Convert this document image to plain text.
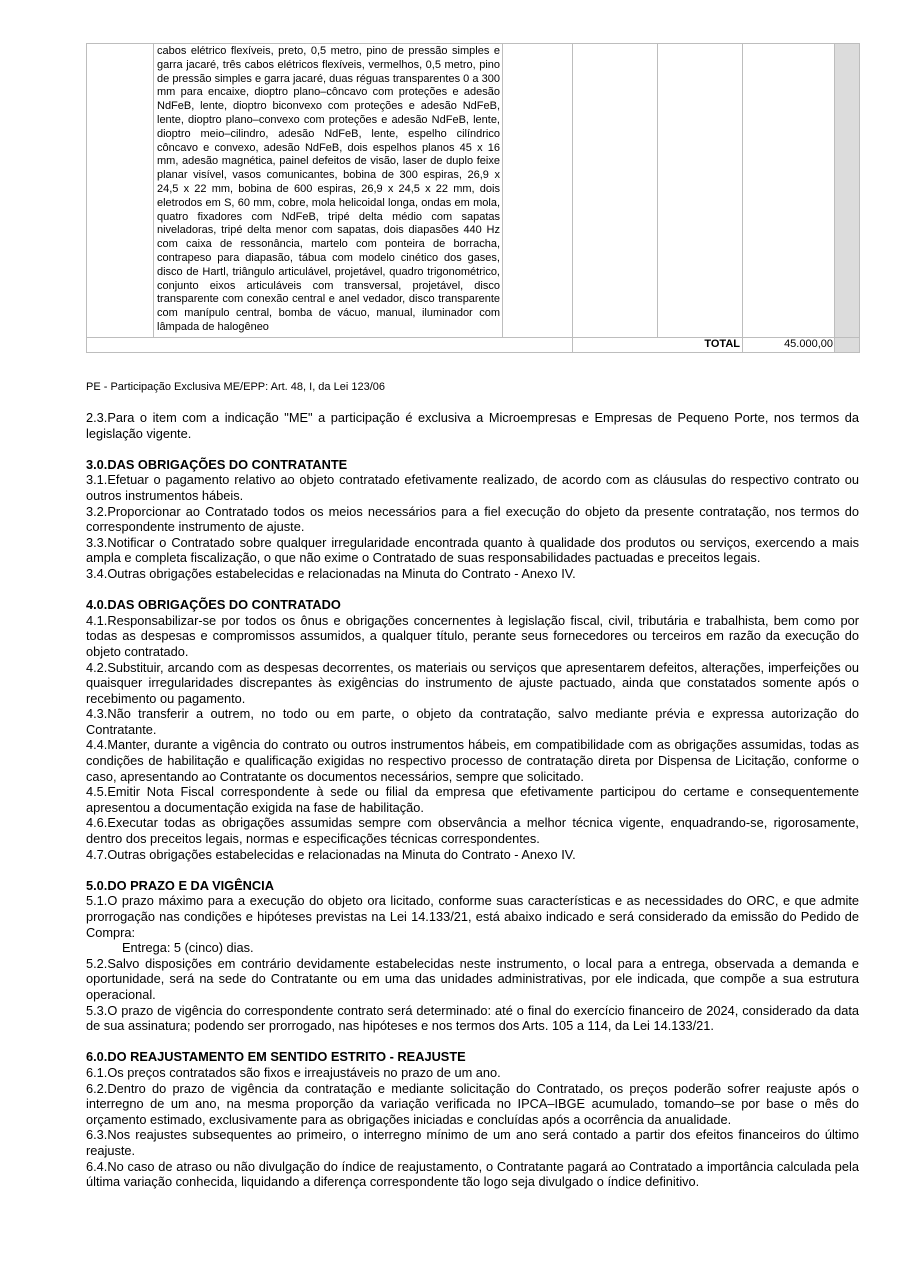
	cabos elétrico flexíveis, preto, 0,5 metro, pino de pressão simples e garra jacaré, três cabos elétricos flexíveis, vermelhos, 0,5 metro, pino de pressão simples e garra jacaré, duas réguas transparentes 0 a 300 mm para encaixe, dioptro plano–côncavo com proteções e adesão NdFeB, lente, dioptro biconvexo com proteções e adesão NdFeB, lente, dioptro plano–convexo com proteções e adesão NdFeB, lente, dioptro meio–cilindro, adesão NdFeB, lente, espelho cilíndrico côncavo e convexo, adesão NdFeB, dois espelhos planos 45 x 16 mm, adesão magnética, painel defeitos de visão, laser de duplo feixe planar visível, vasos comunicantes, bobina de 300 espiras, 26,9 x 24,5 x 22 mm, bobina de 600 espiras, 26,9 x 24,5 x 22 mm, dois eletrodos em S, 60 mm, cobre, mola helicoidal longa, ondas em mola, quatro fixadores com NdFeB, tripé delta médio com sapatas niveladoras, tripé delta menor com sapatas, dois diapasões 440 Hz com caixa de ressonância, martelo com ponteira de borracha, contrapeso para diapasão, tábua com modelo cinético dos gases, disco de Hartl, triângulo articulável, projetável, quadro trigonométrico, conjunto eixos articuláveis com transversal, projetável, disco transparente com conexão central e anel vedador, disco transparente com manípulo central, bomba de vácuo, manual, iluminador com lâmpada de halogêneo					
			TOTAL		45.000,00	
PE - Participação Exclusiva ME/EPP: Art. 48, I, da Lei 123/06

2.3.Para o item com a indicação "ME" a participação é exclusiva a Microempresas e Empresas de Pequeno Porte, nos termos da legislação vigente.

3.0.DAS OBRIGAÇÕES DO CONTRATANTE

3.1.Efetuar o pagamento relativo ao objeto contratado efetivamente realizado, de acordo com as cláusulas do respectivo contrato ou outros instrumentos hábeis.

3.2.Proporcionar ao Contratado todos os meios necessários para a fiel execução do objeto da presente contratação, nos termos do correspondente instrumento de ajuste.

3.3.Notificar o Contratado sobre qualquer irregularidade encontrada quanto à qualidade dos produtos ou serviços, exercendo a mais ampla e completa fiscalização, o que não exime o Contratado de suas responsabilidades pactuadas e preceitos legais.

3.4.Outras obrigações estabelecidas e relacionadas na Minuta do Contrato - Anexo IV.

4.0.DAS OBRIGAÇÕES DO CONTRATADO

4.1.Responsabilizar-se por todos os ônus e obrigações concernentes à legislação fiscal, civil, tributária e trabalhista, bem como por todas as despesas e compromissos assumidos, a qualquer título, perante seus fornecedores ou terceiros em razão da execução do objeto contratado.

4.2.Substituir, arcando com as despesas decorrentes, os materiais ou serviços que apresentarem defeitos, alterações, imperfeições ou quaisquer irregularidades discrepantes às exigências do instrumento de ajuste pactuado, ainda que constatados somente após o recebimento ou pagamento.

4.3.Não transferir a outrem, no todo ou em parte, o objeto da contratação, salvo mediante prévia e expressa autorização do Contratante.

4.4.Manter, durante a vigência do contrato ou outros instrumentos hábeis, em compatibilidade com as obrigações assumidas, todas as condições de habilitação e qualificação exigidas no respectivo processo de contratação direta por Dispensa de Licitação, conforme o caso, apresentando ao Contratante os documentos necessários, sempre que solicitado.

4.5.Emitir Nota Fiscal correspondente à sede ou filial da empresa que efetivamente participou do certame e consequentemente apresentou a documentação exigida na fase de habilitação.

4.6.Executar todas as obrigações assumidas sempre com observância a melhor técnica vigente, enquadrando-se, rigorosamente, dentro dos preceitos legais, normas e especificações técnicas correspondentes.

4.7.Outras obrigações estabelecidas e relacionadas na Minuta do Contrato - Anexo IV.

5.0.DO PRAZO E DA VIGÊNCIA

5.1.O prazo máximo para a execução do objeto ora licitado, conforme suas características e as necessidades do ORC, e que admite prorrogação nas condições e hipóteses previstas na Lei 14.133/21, está abaixo indicado e será considerado da emissão do Pedido de Compra:

Entrega: 5 (cinco) dias.

5.2.Salvo disposições em contrário devidamente estabelecidas neste instrumento, o local para a entrega, observada a demanda e oportunidade, será na sede do Contratante ou em uma das unidades administrativas, por ele indicada, que compõe a sua estrutura operacional.

5.3.O prazo de vigência do correspondente contrato será determinado: até o final do exercício financeiro de 2024, considerado da data de sua assinatura; podendo ser prorrogado, nas hipóteses e nos termos dos Arts. 105 a 114, da Lei 14.133/21.

6.0.DO REAJUSTAMENTO EM SENTIDO ESTRITO - REAJUSTE

6.1.Os preços contratados são fixos e irreajustáveis no prazo de um ano.

6.2.Dentro do prazo de vigência da contratação e mediante solicitação do Contratado, os preços poderão sofrer reajuste após o interregno de um ano, na mesma proporção da variação verificada no IPCA–IBGE acumulado, tomando–se por base o mês do orçamento estimado, exclusivamente para as obrigações iniciadas e concluídas após a ocorrência da anualidade.

6.3.Nos reajustes subsequentes ao primeiro, o interregno mínimo de um ano será contado a partir dos efeitos financeiros do último reajuste.

6.4.No caso de atraso ou não divulgação do índice de reajustamento, o Contratante pagará ao Contratado a importância calculada pela última variação conhecida, liquidando a diferença correspondente tão logo seja divulgado o índice definitivo.
